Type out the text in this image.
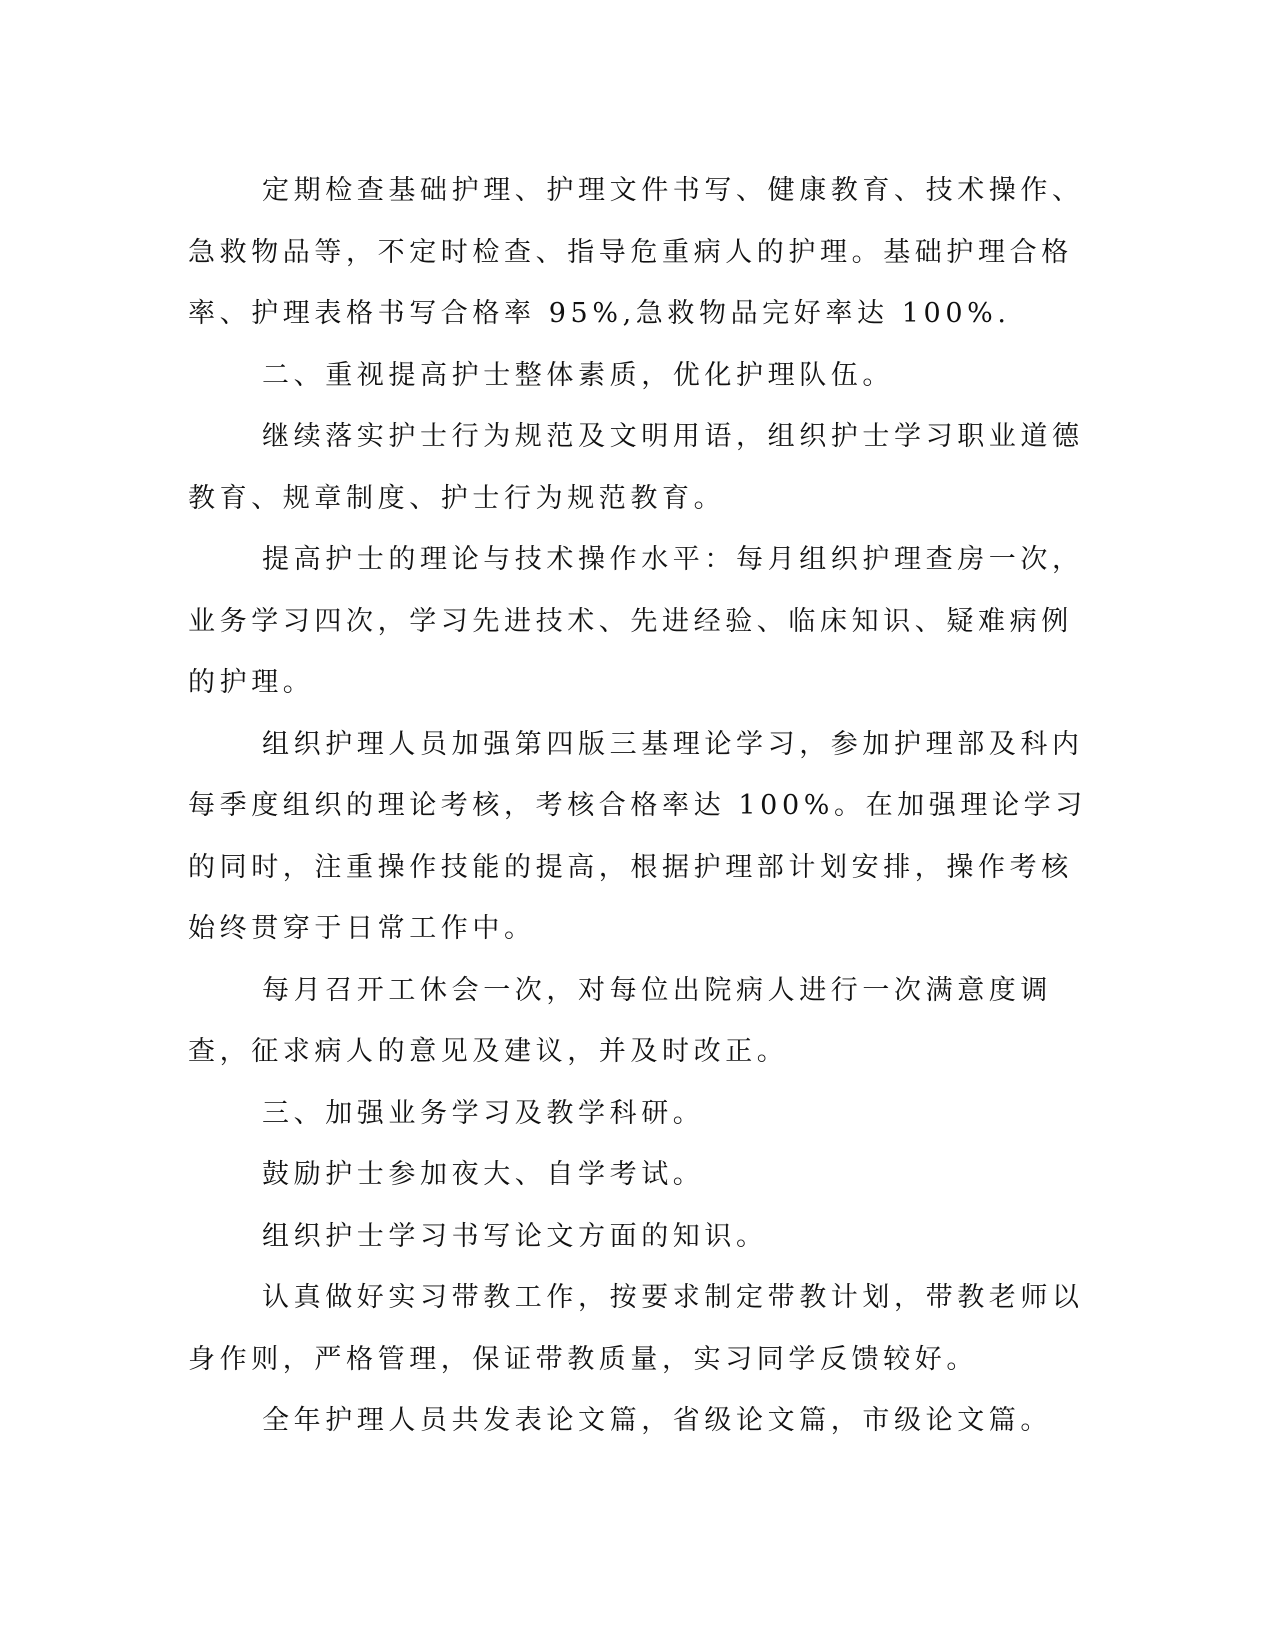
定期检查基础护理、护理文件书写、健康教育、技术操作、急救物品等，不定时检查、指导危重病人的护理。基础护理合格率、护理表格书写合格率 95%,急救物品完好率达 100%.

二、重视提高护士整体素质，优化护理队伍。

继续落实护士行为规范及文明用语，组织护士学习职业道德教育、规章制度、护士行为规范教育。

提高护士的理论与技术操作水平：每月组织护理查房一次，业务学习四次，学习先进技术、先进经验、临床知识、疑难病例的护理。

组织护理人员加强第四版三基理论学习，参加护理部及科内每季度组织的理论考核，考核合格率达 100%。在加强理论学习的同时，注重操作技能的提高，根据护理部计划安排，操作考核始终贯穿于日常工作中。

每月召开工休会一次，对每位出院病人进行一次满意度调查，征求病人的意见及建议，并及时改正。

三、加强业务学习及教学科研。

鼓励护士参加夜大、自学考试。

组织护士学习书写论文方面的知识。

认真做好实习带教工作，按要求制定带教计划，带教老师以身作则，严格管理，保证带教质量，实习同学反馈较好。

全年护理人员共发表论文篇，省级论文篇，市级论文篇。
